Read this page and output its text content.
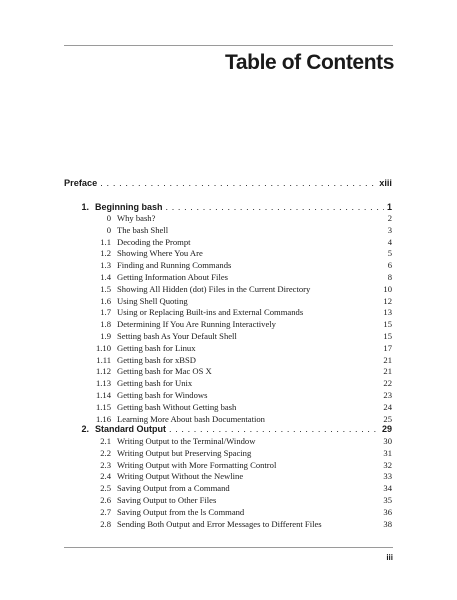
Table of Contents
Preface . . .	xiii
1. Beginning bash . . .	1
0 Why bash?	2
0 The bash Shell	3
1.1 Decoding the Prompt	4
1.2 Showing Where You Are	5
1.3 Finding and Running Commands	6
1.4 Getting Information About Files	8
1.5 Showing All Hidden (dot) Files in the Current Directory	10
1.6 Using Shell Quoting	12
1.7 Using or Replacing Built-ins and External Commands	13
1.8 Determining If You Are Running Interactively	15
1.9 Setting bash As Your Default Shell	15
1.10 Getting bash for Linux	17
1.11 Getting bash for xBSD	21
1.12 Getting bash for Mac OS X	21
1.13 Getting bash for Unix	22
1.14 Getting bash for Windows	23
1.15 Getting bash Without Getting bash	24
1.16 Learning More About bash Documentation	25
2. Standard Output . . .	29
2.1 Writing Output to the Terminal/Window	30
2.2 Writing Output but Preserving Spacing	31
2.3 Writing Output with More Formatting Control	32
2.4 Writing Output Without the Newline	33
2.5 Saving Output from a Command	34
2.6 Saving Output to Other Files	35
2.7 Saving Output from the ls Command	36
2.8 Sending Both Output and Error Messages to Different Files	38
iii
